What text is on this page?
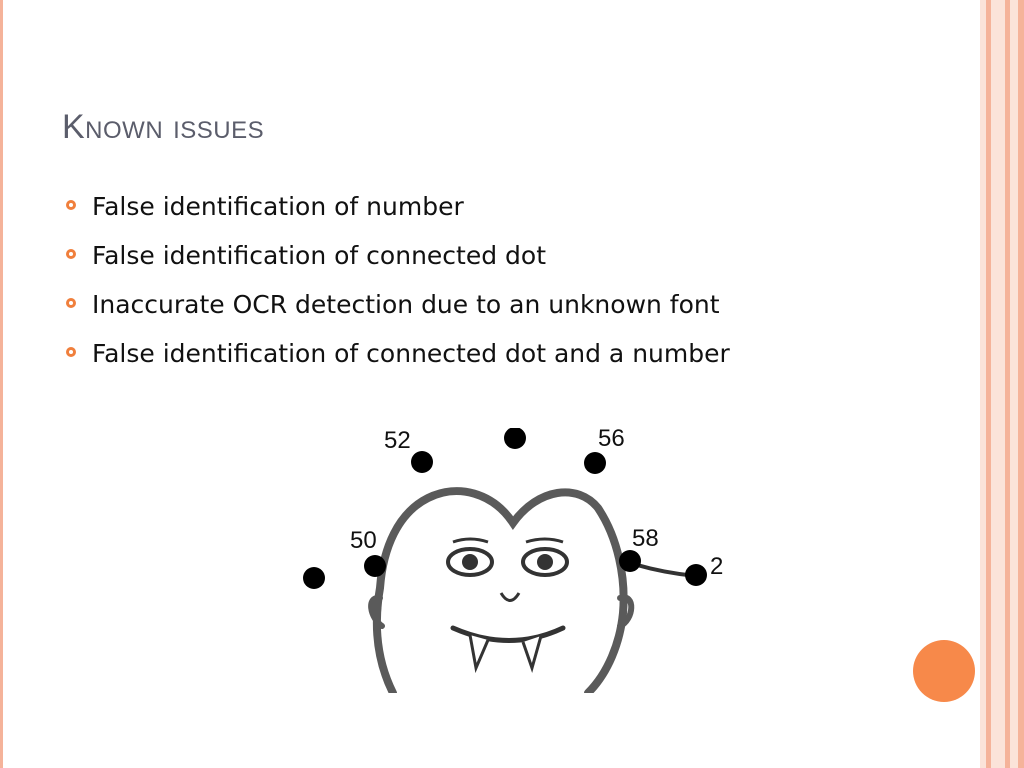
Known issues
False identification of number
False identification of connected dot
Inaccurate OCR detection due to an unknown font
False identification of connected dot and a number
52	56
50	58
2
